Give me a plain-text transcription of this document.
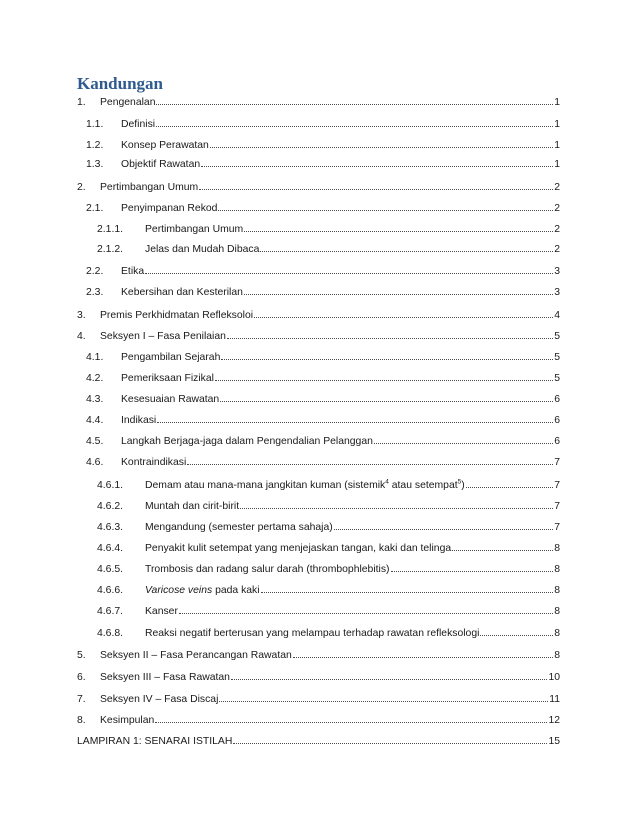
Kandungan
1. Pengenalan	1
1.1. Definisi	1
1.2. Konsep Perawatan	1
1.3. Objektif Rawatan	1
2. Pertimbangan Umum	2
2.1. Penyimpanan Rekod	2
2.1.1. Pertimbangan Umum	2
2.1.2. Jelas dan Mudah Dibaca	2
2.2. Etika	3
2.3. Kebersihan dan Kesterilan	3
3. Premis Perkhidmatan Refleksoloi	4
4. Seksyen I – Fasa Penilaian	5
4.1. Pengambilan Sejarah	5
4.2. Pemeriksaan Fizikal	5
4.3. Kesesuaian Rawatan	6
4.4. Indikasi	6
4.5. Langkah Berjaga-jaga dalam Pengendalian Pelanggan	6
4.6. Kontraindikasi	7
4.6.1. Demam atau mana-mana jangkitan kuman (sistemik$^4$ atau setempat$^5$)	7
4.6.2. Muntah dan cirit-birit	7
4.6.3. Mengandung (semester pertama sahaja)	7
4.6.4. Penyakit kulit setempat yang menjejaskan tangan, kaki dan telinga	8
4.6.5. Trombosis dan radang salur darah (thrombophlebitis)	8
4.6.6. Varicose veins pada kaki	8
4.6.7. Kanser	8
4.6.8. Reaksi negatif berterusan yang melampau terhadap rawatan refleksologi	8
5. Seksyen II – Fasa Perancangan Rawatan	8
6. Seksyen III – Fasa Rawatan	10
7. Seksyen IV – Fasa Discaj	11
8. Kesimpulan	12
LAMPIRAN 1: SENARAI ISTILAH	15
